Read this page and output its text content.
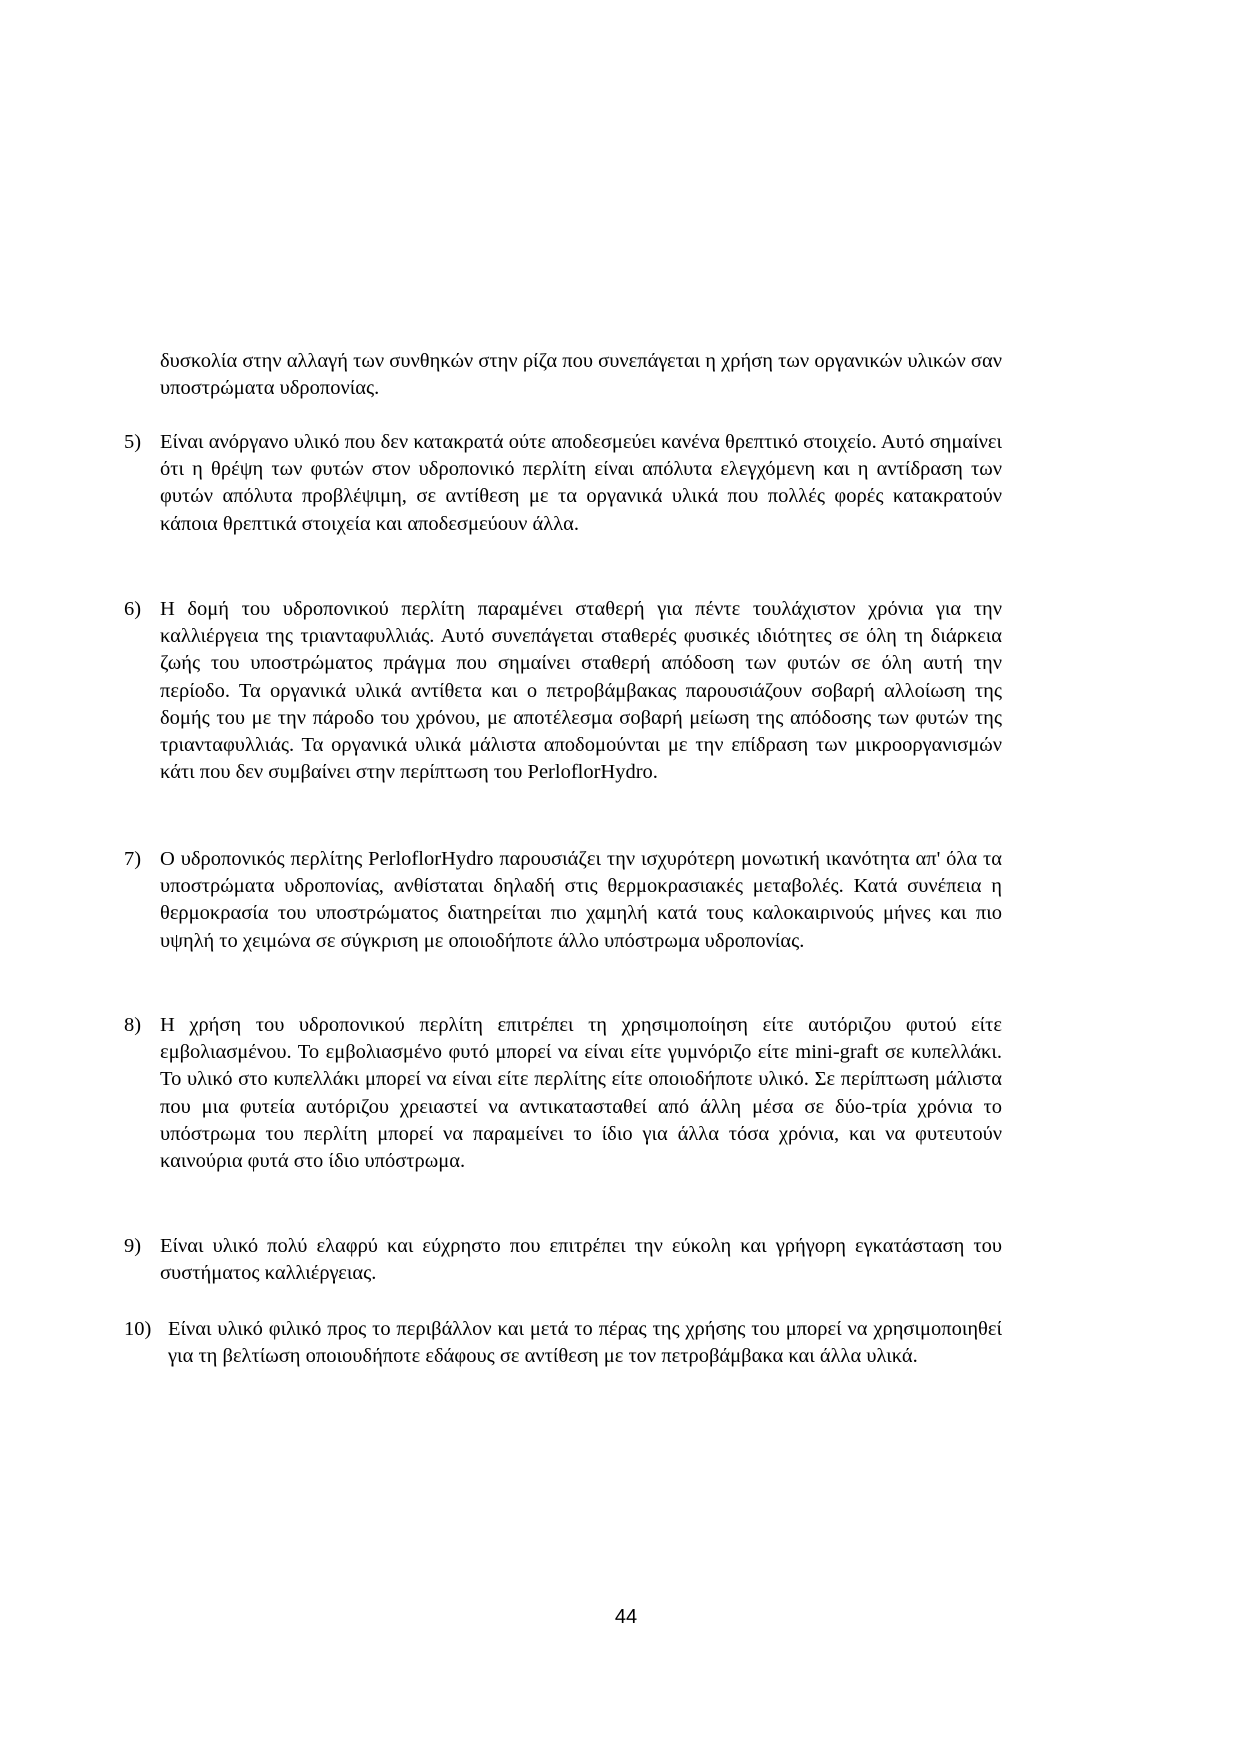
δυσκολία στην αλλαγή των συνθηκών στην ρίζα που συνεπάγεται η χρήση των οργανικών υλικών σαν υποστρώματα υδροπονίας.
5) Είναι ανόργανο υλικό που δεν κατακρατά ούτε αποδεσμεύει κανένα θρεπτικό στοιχείο. Αυτό σημαίνει ότι η θρέψη των φυτών στον υδροπονικό περλίτη είναι απόλυτα ελεγχόμενη και η αντίδραση των φυτών απόλυτα προβλέψιμη, σε αντίθεση με τα οργανικά υλικά που πολλές φορές κατακρατούν κάποια θρεπτικά στοιχεία και αποδεσμεύουν άλλα.
6) Η δομή του υδροπονικού περλίτη παραμένει σταθερή για πέντε τουλάχιστον χρόνια για την καλλιέργεια της τριανταφυλλιάς. Αυτό συνεπάγεται σταθερές φυσικές ιδιότητες σε όλη τη διάρκεια ζωής του υποστρώματος πράγμα που σημαίνει σταθερή απόδοση των φυτών σε όλη αυτή την περίοδο. Τα οργανικά υλικά αντίθετα και ο πετροβάμβακας παρουσιάζουν σοβαρή αλλοίωση της δομής του με την πάροδο του χρόνου, με αποτέλεσμα σοβαρή μείωση της απόδοσης των φυτών της τριανταφυλλιάς. Τα οργανικά υλικά μάλιστα αποδομούνται με την επίδραση των μικροοργανισμών κάτι που δεν συμβαίνει στην περίπτωση του PerloflorHydro.
7) Ο υδροπονικός περλίτης PerloflorHydro παρουσιάζει την ισχυρότερη μονωτική ικανότητα απ' όλα τα υποστρώματα υδροπονίας, ανθίσταται δηλαδή στις θερμοκρασιακές μεταβολές. Κατά συνέπεια η θερμοκρασία του υποστρώματος διατηρείται πιο χαμηλή κατά τους καλοκαιρινούς μήνες και πιο υψηλή το χειμώνα σε σύγκριση με οποιοδήποτε άλλο υπόστρωμα υδροπονίας.
8) Η χρήση του υδροπονικού περλίτη επιτρέπει τη χρησιμοποίηση είτε αυτόριζου φυτού είτε εμβολιασμένου. Το εμβολιασμένο φυτό μπορεί να είναι είτε γυμνόριζο είτε mini-graft σε κυπελλάκι. Το υλικό στο κυπελλάκι μπορεί να είναι είτε περλίτης είτε οποιοδήποτε υλικό. Σε περίπτωση μάλιστα που μια φυτεία αυτόριζου χρειαστεί να αντικατασταθεί από άλλη μέσα σε δύο-τρία χρόνια το υπόστρωμα του περλίτη μπορεί να παραμείνει το ίδιο για άλλα τόσα χρόνια, και να φυτευτούν καινούρια φυτά στο ίδιο υπόστρωμα.
9) Είναι υλικό πολύ ελαφρύ και εύχρηστο που επιτρέπει την εύκολη και γρήγορη εγκατάσταση του συστήματος καλλιέργειας.
10) Είναι υλικό φιλικό προς το περιβάλλον και μετά το πέρας της χρήσης του μπορεί να χρησιμοποιηθεί για τη βελτίωση οποιουδήποτε εδάφους σε αντίθεση με τον πετροβάμβακα και άλλα υλικά.
44
